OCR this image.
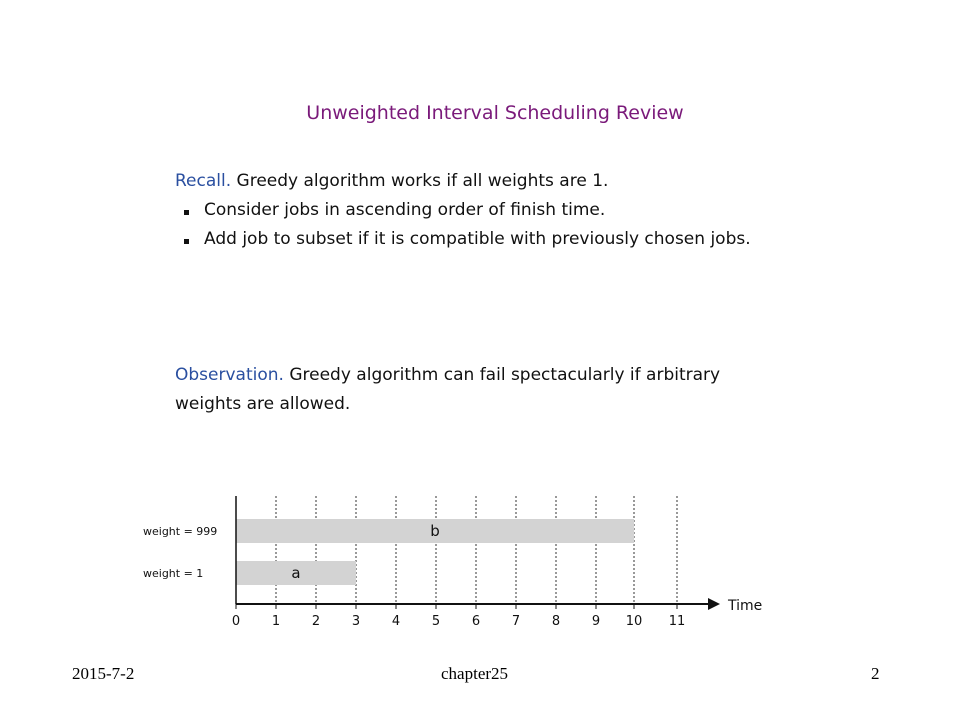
Unweighted Interval Scheduling Review
Recall. Greedy algorithm works if all weights are 1.
Consider jobs in ascending order of finish time.
Add job to subset if it is compatible with previously chosen jobs.
Observation. Greedy algorithm can fail spectacularly if arbitrary
weights are allowed.
b
weight = 999
a
weight = 1
0 1 2 3 4 5 6 7 8 9 10 11
Time
2015-7-2	chapter25	2
